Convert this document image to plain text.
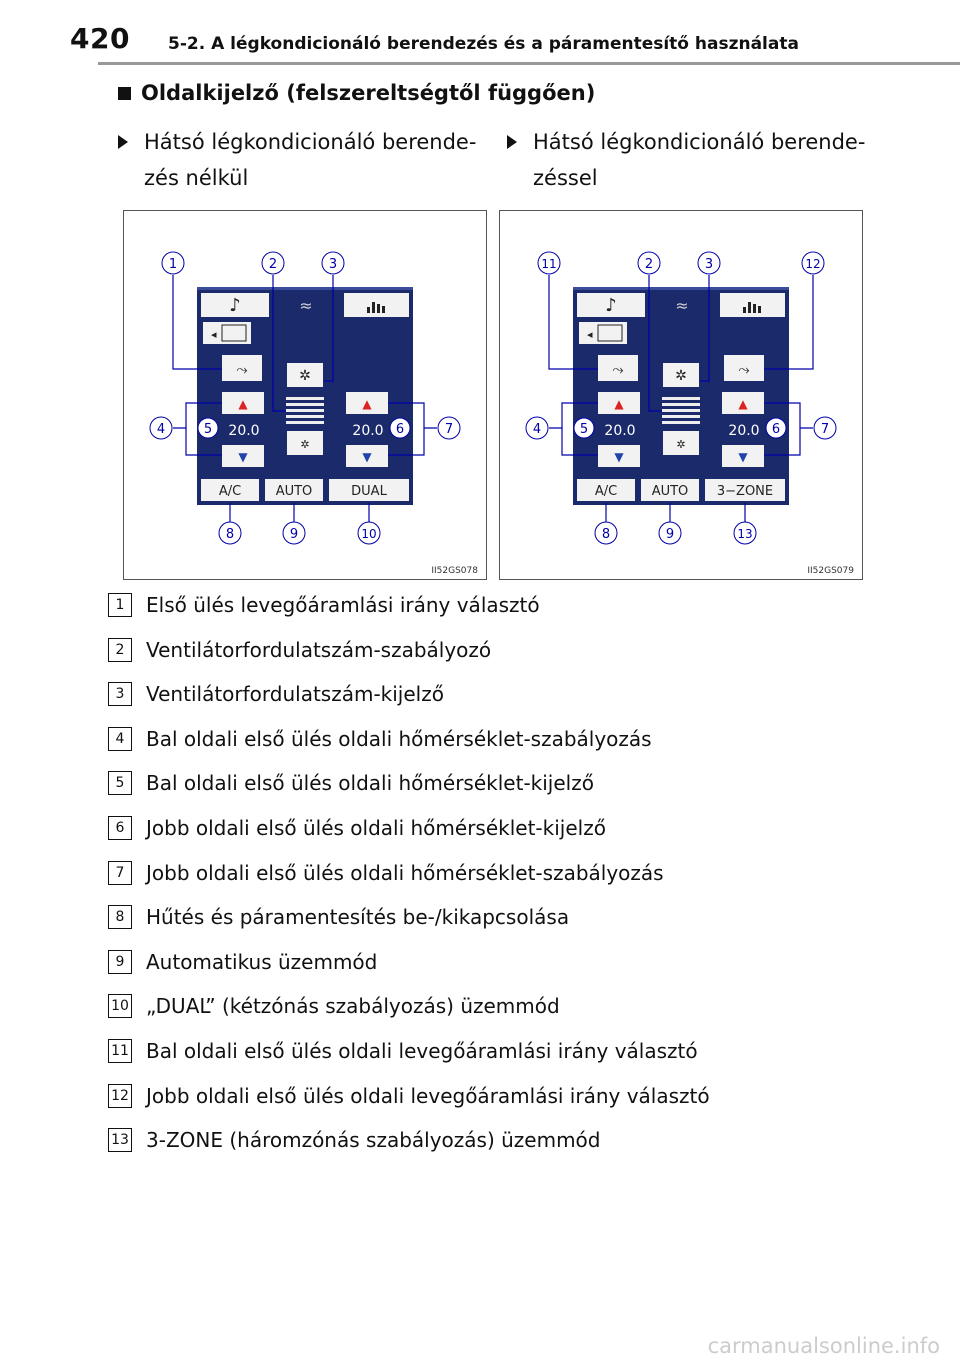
420 5-2. A légkondicionáló berendezés és a páramentesítő használata
Oldalkijelző (felszereltségtől függően)
Hátsó légkondicionáló berende-
zés nélkül
Hátsó légkondicionáló berende-
zéssel
♪	≈
◂
⤳	✲
✲
▲
20.0
▼
▲
20.0
▼
A/C	AUTO	DUAL
1	2	3
4	5	6	7
8	9	10
II52GS078
♪	≈
◂
⤳	⤳
✲
✲
▲
20.0
▼
▲
20.0
▼
A/C	AUTO 3−ZONE
11	2	3	12
4	5	6	7
8	9	13
II52GS079
1	Első ülés levegőáramlási irány választó
2	Ventilátorfordulatszám-szabályozó
3	Ventilátorfordulatszám-kijelző
4	Bal oldali első ülés oldali hőmérséklet-szabályozás
5	Bal oldali első ülés oldali hőmérséklet-kijelző
6	Jobb oldali első ülés oldali hőmérséklet-kijelző
7	Jobb oldali első ülés oldali hőmérséklet-szabályozás
8	Hűtés és páramentesítés be-/kikapcsolása
9	Automatikus üzemmód
10 „DUAL” (kétzónás szabályozás) üzemmód
11 Bal oldali első ülés oldali levegőáramlási irány választó
12 Jobb oldali első ülés oldali levegőáramlási irány választó
13 3-ZONE (háromzónás szabályozás) üzemmód
carmanualsonline.info
